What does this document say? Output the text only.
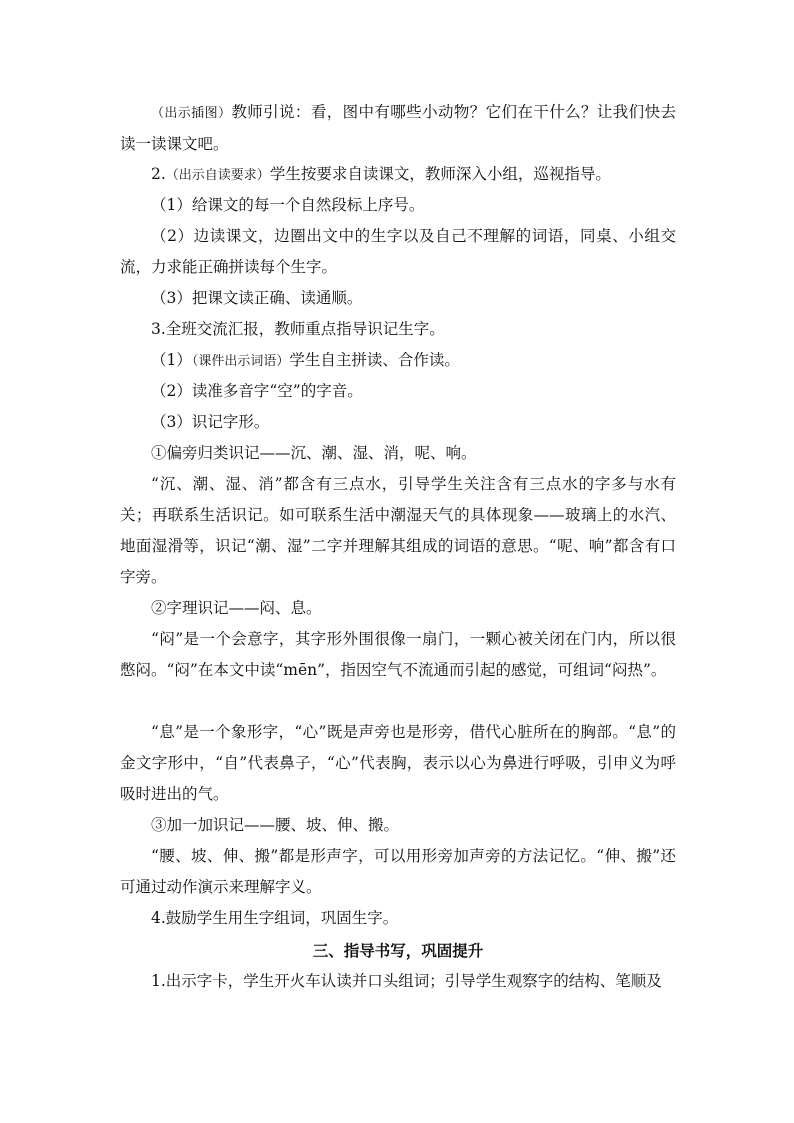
（出示插图）教师引说：看，图中有哪些小动物？它们在干什么？让我们快去读一读课文吧。

2.（出示自读要求）学生按要求自读课文，教师深入小组，巡视指导。

（1）给课文的每一个自然段标上序号。

（2）边读课文，边圈出文中的生字以及自己不理解的词语，同桌、小组交流，力求能正确拼读每个生字。

（3）把课文读正确、读通顺。

3.全班交流汇报，教师重点指导识记生字。

（1）（课件出示词语）学生自主拼读、合作读。

（2）读准多音字“空”的字音。

（3）识记字形。

①偏旁归类识记——沉、潮、湿、消，呢、响。

“沉、潮、湿、消”都含有三点水，引导学生关注含有三点水的字多与水有关；再联系生活识记。如可联系生活中潮湿天气的具体现象——玻璃上的水汽、地面湿滑等，识记“潮、湿”二字并理解其组成的词语的意思。“呢、响”都含有口字旁。

②字理识记——闷、息。

“闷”是一个会意字，其字形外围很像一扇门，一颗心被关闭在门内，所以很憋闷。“闷”在本文中读“mēn”，指因空气不流通而引起的感觉，可组词“闷热”。

“息”是一个象形字，“心”既是声旁也是形旁，借代心脏所在的胸部。“息”的金文字形中，“自”代表鼻子，“心”代表胸，表示以心为鼻进行呼吸，引申义为呼吸时进出的气。

③加一加识记——腰、坡、伸、搬。

“腰、坡、伸、搬”都是形声字，可以用形旁加声旁的方法记忆。“伸、搬”还可通过动作演示来理解字义。

4.鼓励学生用生字组词，巩固生字。

三、指导书写，巩固提升

1.出示字卡，学生开火车认读并口头组词；引导学生观察字的结构、笔顺及
